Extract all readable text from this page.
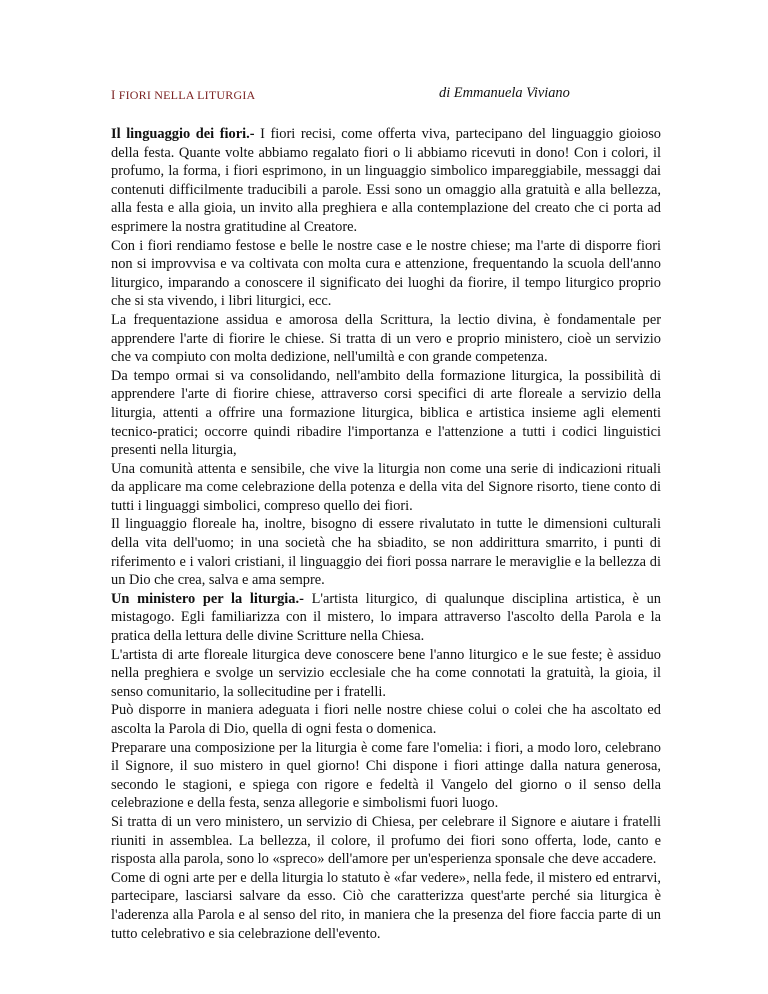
I FIORI NELLA LITURGIA	di Emmanuela Viviano

Il linguaggio dei fiori.- I fiori recisi, come offerta viva, partecipano del linguaggio gioioso della festa. Quante volte abbiamo regalato fiori o li abbiamo ricevuti in dono! Con i colori, il profumo, la forma, i fiori esprimono, in un linguaggio simbolico impareggiabile, messaggi dai contenuti difficilmente traducibili a parole. Essi sono un omaggio alla gratuità e alla bellezza, alla festa e alla gioia, un invito alla preghiera e alla contemplazione del creato che ci porta ad esprimere la nostra gratitudine al Creatore.

Con i fiori rendiamo festose e belle le nostre case e le nostre chiese; ma l'arte di disporre fiori non si improvvisa e va coltivata con molta cura e attenzione, frequentando la scuola dell'anno liturgico, imparando a conoscere il significato dei luoghi da fiorire, il tempo liturgico proprio che si sta vivendo, i libri liturgici, ecc.

La frequentazione assidua e amorosa della Scrittura, la lectio divina, è fondamentale per apprendere l'arte di fiorire le chiese. Si tratta di un vero e proprio ministero, cioè un servizio che va compiuto con molta dedizione, nell'umiltà e con grande competenza.

Da tempo ormai si va consolidando, nell'ambito della formazione liturgica, la possibilità di apprendere l'arte di fiorire chiese, attraverso corsi specifici di arte floreale a servizio della liturgia, attenti a offrire una formazione liturgica, biblica e artistica insieme agli elementi tecnico-pratici; occorre quindi ribadire l'importanza e l'attenzione a tutti i codici linguistici presenti nella liturgia,

Una comunità attenta e sensibile, che vive la liturgia non come una serie di indicazioni rituali da applicare ma come celebrazione della potenza e della vita del Signore risorto, tiene conto di tutti i linguaggi simbolici, compreso quello dei fiori.

Il linguaggio floreale ha, inoltre, bisogno di essere rivalutato in tutte le dimensioni culturali della vita dell'uomo; in una società che ha sbiadito, se non addirittura smarrito, i punti di riferimento e i valori cristiani, il linguaggio dei fiori possa narrare le meraviglie e la bellezza di un Dio che crea, salva e ama sempre.

Un ministero per la liturgia.- L'artista liturgico, di qualunque disciplina artistica, è un mistagogo. Egli familiarizza con il mistero, lo impara attraverso l'ascolto della Parola e la pratica della lettura delle divine Scritture nella Chiesa.

L'artista di arte floreale liturgica deve conoscere bene l'anno liturgico e le sue feste; è assiduo nella preghiera e svolge un servizio ecclesiale che ha come connotati la gratuità, la gioia, il senso comunitario, la sollecitudine per i fratelli.

Può disporre in maniera adeguata i fiori nelle nostre chiese colui o colei che ha ascoltato ed ascolta la Parola di Dio, quella di ogni festa o domenica.

Preparare una composizione per la liturgia è come fare l'omelia: i fiori, a modo loro, celebrano il Signore, il suo mistero in quel giorno! Chi dispone i fiori attinge dalla natura generosa, secondo le stagioni, e spiega con rigore e fedeltà il Vangelo del giorno o il senso della celebrazione e della festa, senza allegorie e simbolismi fuori luogo.

Si tratta di un vero ministero, un servizio di Chiesa, per celebrare il Signore e aiutare i fratelli riuniti in assemblea. La bellezza, il colore, il profumo dei fiori sono offerta, lode, canto e risposta alla parola, sono lo «spreco» dell'amore per un'esperienza sponsale che deve accadere.

Come di ogni arte per e della liturgia lo statuto è «far vedere», nella fede, il mistero ed entrarvi, partecipare, lasciarsi salvare da esso. Ciò che caratterizza quest'arte perché sia liturgica è l'aderenza alla Parola e al senso del rito, in maniera che la presenza del fiore faccia parte di un tutto celebrativo e sia celebrazione dell'evento.
